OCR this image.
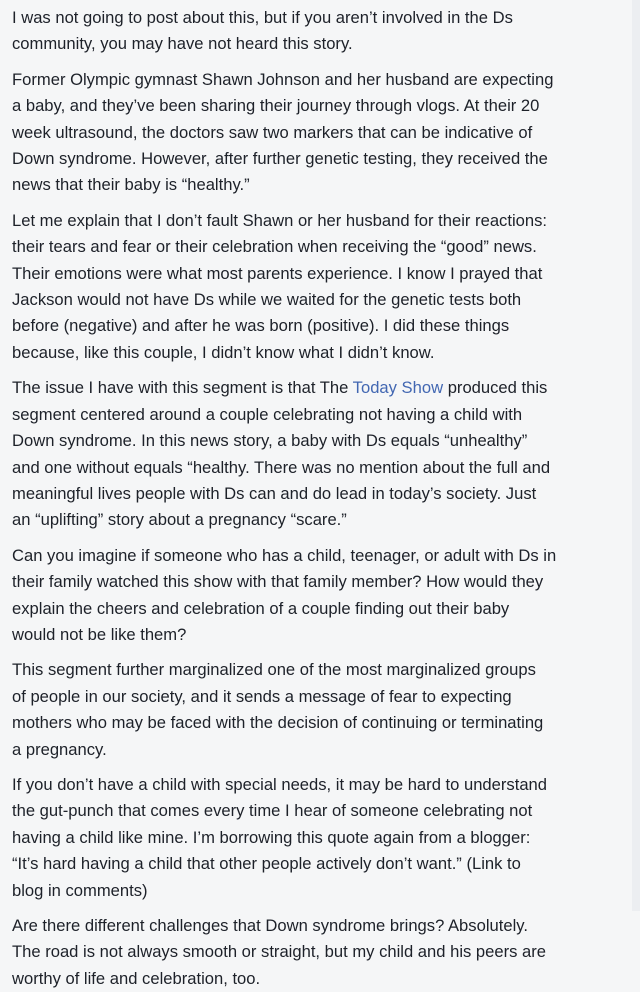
I was not going to post about this, but if you aren’t involved in the Ds
community, you may have not heard this story.

Former Olympic gymnast Shawn Johnson and her husband are expecting
a baby, and they’ve been sharing their journey through vlogs. At their 20
week ultrasound, the doctors saw two markers that can be indicative of
Down syndrome. However, after further genetic testing, they received the
news that their baby is “healthy.”

Let me explain that I don’t fault Shawn or her husband for their reactions:
their tears and fear or their celebration when receiving the “good” news.
Their emotions were what most parents experience. I know I prayed that
Jackson would not have Ds while we waited for the genetic tests both
before (negative) and after he was born (positive). I did these things
because, like this couple, I didn’t know what I didn’t know.

The issue I have with this segment is that The Today Show produced this
segment centered around a couple celebrating not having a child with
Down syndrome. In this news story, a baby with Ds equals “unhealthy”
and one without equals “healthy. There was no mention about the full and
meaningful lives people with Ds can and do lead in today’s society. Just
an “uplifting” story about a pregnancy “scare.”

Can you imagine if someone who has a child, teenager, or adult with Ds in
their family watched this show with that family member? How would they
explain the cheers and celebration of a couple finding out their baby
would not be like them?

This segment further marginalized one of the most marginalized groups
of people in our society, and it sends a message of fear to expecting
mothers who may be faced with the decision of continuing or terminating
a pregnancy.

If you don’t have a child with special needs, it may be hard to understand
the gut-punch that comes every time I hear of someone celebrating not
having a child like mine. I’m borrowing this quote again from a blogger:
“It’s hard having a child that other people actively don’t want.” (Link to
blog in comments)

Are there different challenges that Down syndrome brings? Absolutely.
The road is not always smooth or straight, but my child and his peers are
worthy of life and celebration, too.
